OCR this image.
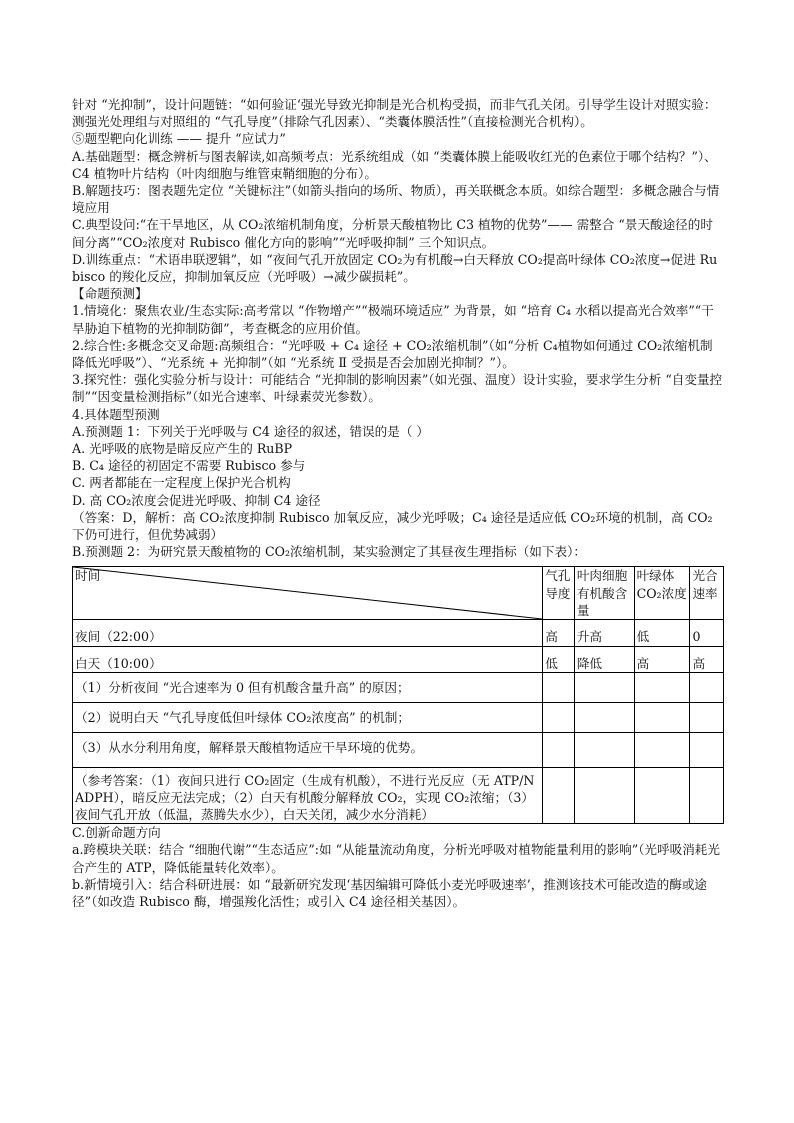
针对 “光抑制”，设计问题链：“如何验证‘强光导致光抑制是光合机构受损，而非气孔关闭。引导学生设计对照实验：测强光处理组与对照组的 “气孔导度”（排除气孔因素）、“类囊体膜活性”（直接检测光合机构）。

⑤题型靶向化训练 —— 提升 “应试力”

A.基础题型：概念辨析与图表解读,如高频考点：光系统组成（如 “类囊体膜上能吸收红光的色素位于哪个结构？”）、C4 植物叶片结构（叶肉细胞与维管束鞘细胞的分布）。

B.解题技巧：图表题先定位 “关键标注”（如箭头指向的场所、物质），再关联概念本质。如综合题型：多概念融合与情境应用

C.典型设问:“在干旱地区，从 CO₂浓缩机制角度，分析景天酸植物比 C3 植物的优势”—— 需整合 “景天酸途径的时间分离”“CO₂浓度对 Rubisco 催化方向的影响”“光呼吸抑制” 三个知识点。

D.训练重点：“术语串联逻辑”，如 “夜间气孔开放固定 CO₂为有机酸→白天释放 CO₂提高叶绿体 CO₂浓度→促进 Rubisco 的羧化反应，抑制加氧反应（光呼吸）→减少碳损耗”。

【命题预测】

1.情境化：聚焦农业/生态实际:高考常以 “作物增产”“极端环境适应” 为背景，如 “培育 C₄ 水稻以提高光合效率”“干旱胁迫下植物的光抑制防御”，考查概念的应用价值。

2.综合性:多概念交叉命题:高频组合：“光呼吸 + C₄ 途径 + CO₂浓缩机制”（如“分析 C₄植物如何通过 CO₂浓缩机制降低光呼吸”）、“光系统 + 光抑制”（如 “光系统 Ⅱ 受损是否会加剧光抑制？”）。

3.探究性：强化实验分析与设计：可能结合 “光抑制的影响因素”（如光强、温度）设计实验，要求学生分析 “自变量控制”“因变量检测指标”（如光合速率、叶绿素荧光参数）。

4.具体题型预测

A.预测题 1：下列关于光呼吸与 C4 途径的叙述，错误的是（ ）

A. 光呼吸的底物是暗反应产生的 RuBP

B. C₄ 途径的初固定不需要 Rubisco 参与

C. 两者都能在一定程度上保护光合机构

D. 高 CO₂浓度会促进光呼吸、抑制 C4 途径

（答案：D，解析：高 CO₂浓度抑制 Rubisco 加氧反应，减少光呼吸；C₄ 途径是适应低 CO₂环境的机制，高 CO₂下仍可进行，但优势减弱）

B.预测题 2：为研究景天酸植物的 CO₂浓缩机制，某实验测定了其昼夜生理指标（如下表）：

时间	气孔导度	叶肉细胞有机酸含量	叶绿体 CO₂浓度	光合速率
夜间（22:00）	高	升高	低	0
白天（10:00）	低	降低	高	高
（1）分析夜间 “光合速率为 0 但有机酸含量升高” 的原因；				
（2）说明白天 “气孔导度低但叶绿体 CO₂浓度高” 的机制；				
（3）从水分利用角度，解释景天酸植物适应干旱环境的优势。				
（参考答案：（1）夜间只进行 CO₂固定（生成有机酸），不进行光反应（无 ATP/NADPH），暗反应无法完成；（2）白天有机酸分解释放 CO₂，实现 CO₂浓缩；（3）夜间气孔开放（低温，蒸腾失水少），白天关闭，减少水分消耗）				

C.创新命题方向

a.跨模块关联：结合 “细胞代谢”“生态适应”:如 “从能量流动角度，分析光呼吸对植物能量利用的影响”（光呼吸消耗光合产生的 ATP，降低能量转化效率）。

b.新情境引入：结合科研进展：如 “最新研究发现‘基因编辑可降低小麦光呼吸速率’，推测该技术可能改造的酶或途径”（如改造 Rubisco 酶，增强羧化活性；或引入 C4 途径相关基因）。
